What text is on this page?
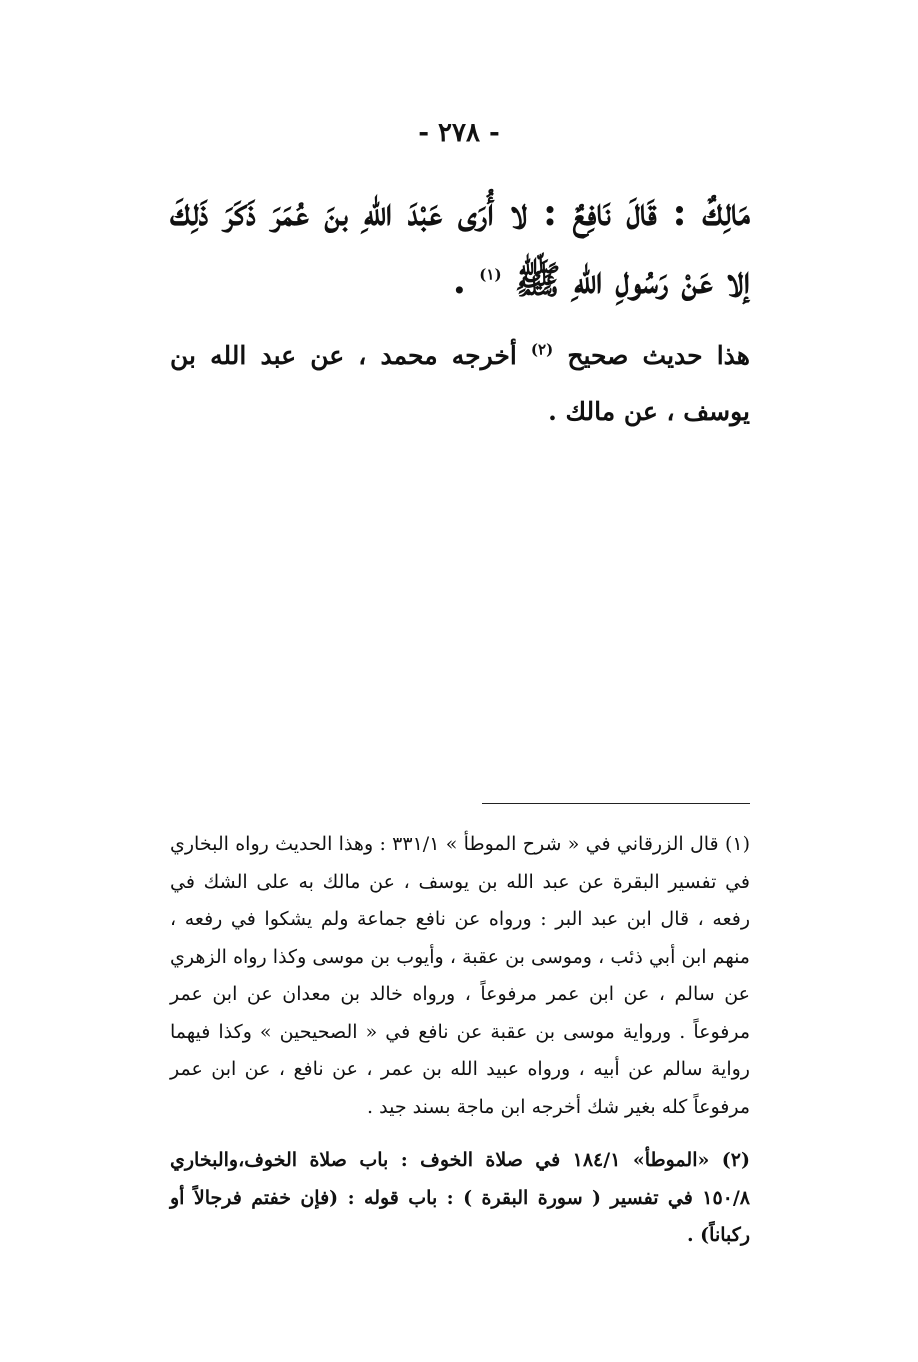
- ٢٧٨ -
مَالِكٌ : قَالَ نَافِعٌ : لا أُرَى عَبْدَ اللهِ بنَ عُمَرَ ذَكَرَ ذَلِكَ إلا عَنْ رَسُولِ اللهِ ﷺ $^{(١)}$ .
هذا حديث صحيح $^{(٢)}$ أخرجه محمد ، عن عبد الله بن يوسف ، عن مالك .

(١) قال الزرقاني في « شرح الموطأ » ٣٣١/١ : وهذا الحديث رواه البخاري في تفسير البقرة عن عبد الله بن يوسف ، عن مالك به على الشك في رفعه ، قال ابن عبد البر : ورواه عن نافع جماعة ولم يشكوا في رفعه ، منهم ابن أبي ذئب ، وموسى بن عقبة ، وأيوب بن موسى وكذا رواه الزهري عن سالم ، عن ابن عمر مرفوعاً ، ورواه خالد بن معدان عن ابن عمر مرفوعاً . ورواية موسى بن عقبة عن نافع في « الصحيحين » وكذا فيهما رواية سالم عن أبيه ، ورواه عبيد الله بن عمر ، عن نافع ، عن ابن عمر مرفوعاً كله بغير شك أخرجه ابن ماجة بسند جيد .

(٢) «الموطأ» ١٨٤/١ في صلاة الخوف : باب صلاة الخوف،والبخاري ١٥٠/٨ في تفسير ( سورة البقرة ) : باب قوله : (فإن خفتم فرجالاً أو ركباناً) .
